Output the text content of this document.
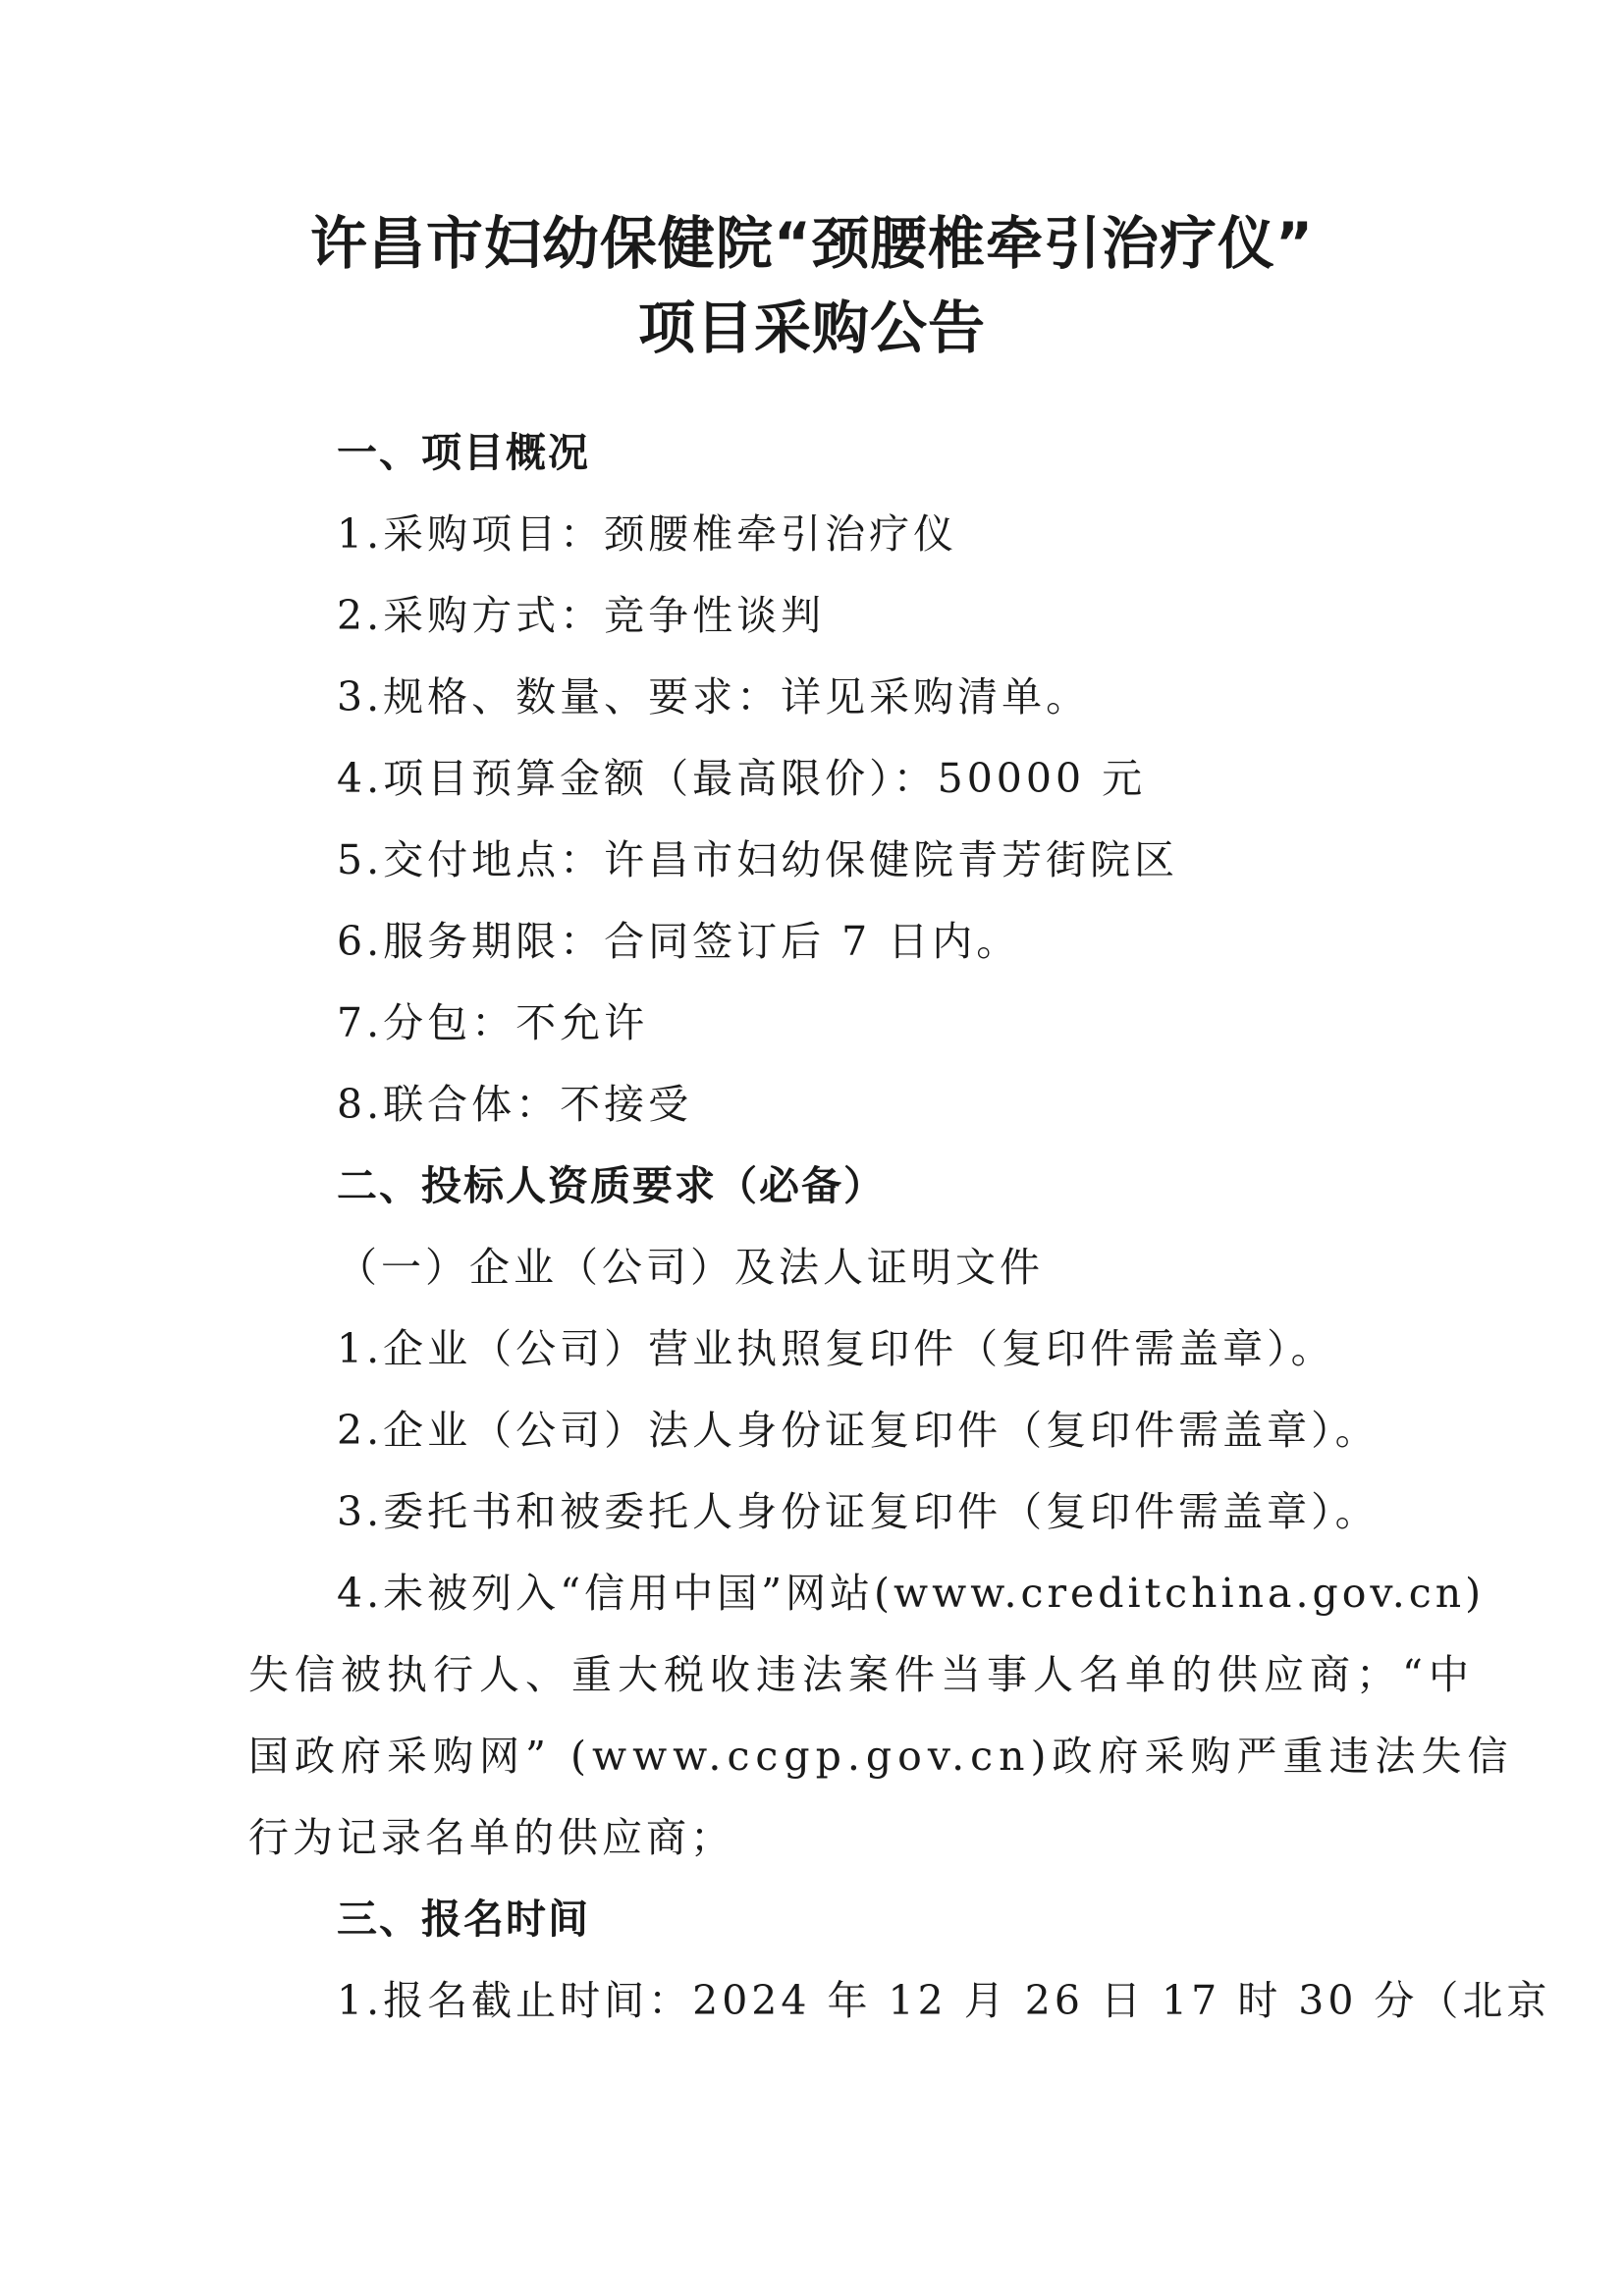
许昌市妇幼保健院“颈腰椎牵引治疗仪”
项目采购公告
一、项目概况
1.采购项目：颈腰椎牵引治疗仪
2.采购方式：竞争性谈判
3.规格、数量、要求：详见采购清单。
4.项目预算金额（最高限价）：50000 元
5.交付地点：许昌市妇幼保健院青芳街院区
6.服务期限：合同签订后 7 日内。
7.分包：不允许
8.联合体：不接受
二、投标人资质要求（必备）
（一）企业（公司）及法人证明文件
1.企业（公司）营业执照复印件（复印件需盖章）。
2.企业（公司）法人身份证复印件（复印件需盖章）。
3.委托书和被委托人身份证复印件（复印件需盖章）。
4.未被列入“信用中国”网站(www.creditchina.gov.cn)
失信被执行人、重大税收违法案件当事人名单的供应商；“中
国政府采购网” (www.ccgp.gov.cn)政府采购严重违法失信
行为记录名单的供应商；
三、报名时间
1.报名截止时间：2024 年 12 月 26 日 17 时 30 分（北京
